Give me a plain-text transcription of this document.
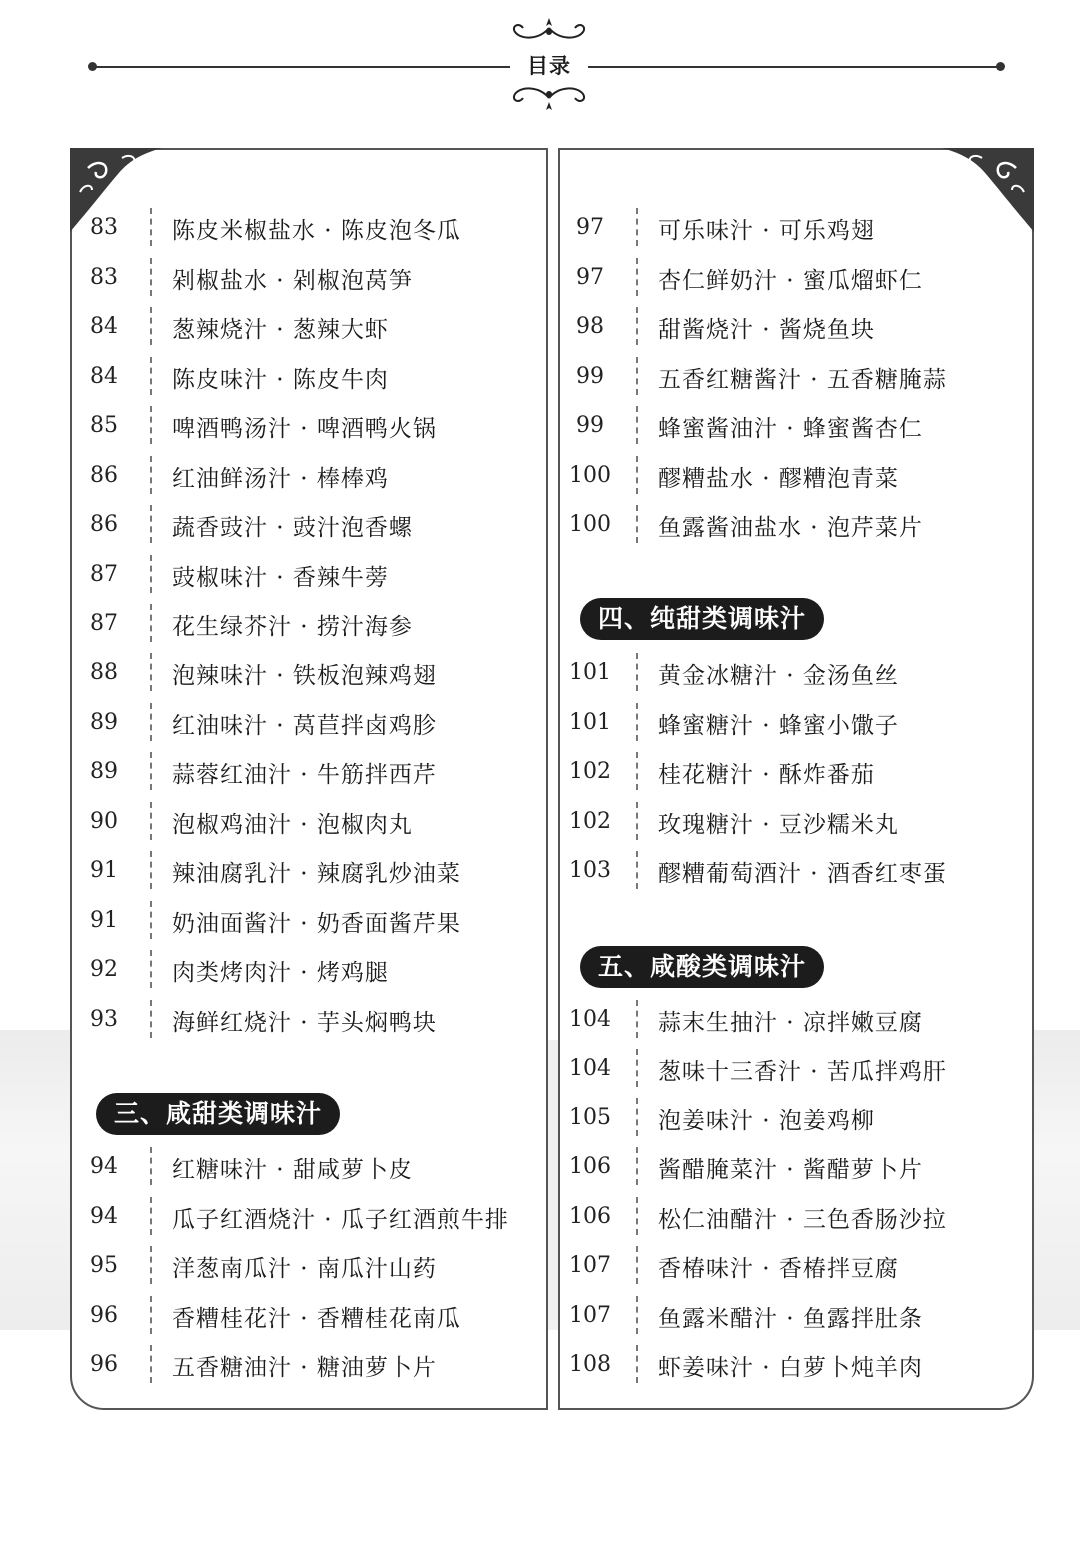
目录
83	陈皮米椒盐水 · 陈皮泡冬瓜
83	剁椒盐水 · 剁椒泡莴笋
84	葱辣烧汁 · 葱辣大虾
84	陈皮味汁 · 陈皮牛肉
85	啤酒鸭汤汁 · 啤酒鸭火锅
86	红油鲜汤汁 · 棒棒鸡
86	蔬香豉汁 · 豉汁泡香螺
87	豉椒味汁 · 香辣牛蒡
87	花生绿芥汁 · 捞汁海参
88	泡辣味汁 · 铁板泡辣鸡翅
89	红油味汁 · 莴苣拌卤鸡胗
89	蒜蓉红油汁 · 牛筋拌西芹
90	泡椒鸡油汁 · 泡椒肉丸
91	辣油腐乳汁 · 辣腐乳炒油菜
91	奶油面酱汁 · 奶香面酱芹果
92	肉类烤肉汁 · 烤鸡腿
93	海鲜红烧汁 · 芋头焖鸭块
三、咸甜类调味汁
94	红糖味汁 · 甜咸萝卜皮
94	瓜子红酒烧汁 · 瓜子红酒煎牛排
95	洋葱南瓜汁 · 南瓜汁山药
96	香糟桂花汁 · 香糟桂花南瓜
96	五香糖油汁 · 糖油萝卜片
97	可乐味汁 · 可乐鸡翅
97	杏仁鲜奶汁 · 蜜瓜熘虾仁
98	甜酱烧汁 · 酱烧鱼块
99	五香红糖酱汁 · 五香糖腌蒜
99	蜂蜜酱油汁 · 蜂蜜酱杏仁
100	醪糟盐水 · 醪糟泡青菜
100	鱼露酱油盐水 · 泡芹菜片
四、纯甜类调味汁
101	黄金冰糖汁 · 金汤鱼丝
101	蜂蜜糖汁 · 蜂蜜小馓子
102	桂花糖汁 · 酥炸番茄
102	玫瑰糖汁 · 豆沙糯米丸
103	醪糟葡萄酒汁 · 酒香红枣蛋
五、咸酸类调味汁
104	蒜末生抽汁 · 凉拌嫩豆腐
104	葱味十三香汁 · 苦瓜拌鸡肝
105	泡姜味汁 · 泡姜鸡柳
106	酱醋腌菜汁 · 酱醋萝卜片
106	松仁油醋汁 · 三色香肠沙拉
107	香椿味汁 · 香椿拌豆腐
107	鱼露米醋汁 · 鱼露拌肚条
108	虾姜味汁 · 白萝卜炖羊肉
